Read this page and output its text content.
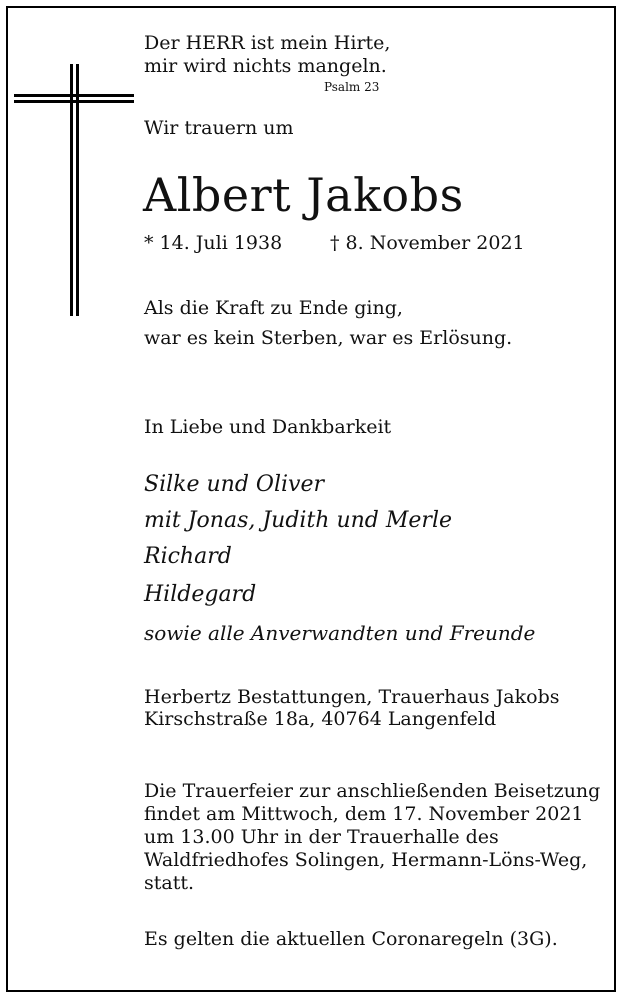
Der HERR ist mein Hirte,
mir wird nichts mangeln.
Psalm 23
Wir trauern um
Albert Jakobs
* 14. Juli 1938	† 8. November 2021
Als die Kraft zu Ende ging,
war es kein Sterben, war es Erlösung.
In Liebe und Dankbarkeit
Silke und Oliver
mit Jonas, Judith und Merle
Richard
Hildegard
sowie alle Anverwandten und Freunde
Herbertz Bestattungen, Trauerhaus Jakobs
Kirschstraße 18a, 40764 Langenfeld
Die Trauerfeier zur anschließenden Beisetzung
findet am Mittwoch, dem 17. November 2021
um 13.00 Uhr in der Trauerhalle des
Waldfriedhofes Solingen, Hermann-Löns-Weg,
statt.
Es gelten die aktuellen Coronaregeln (3G).
